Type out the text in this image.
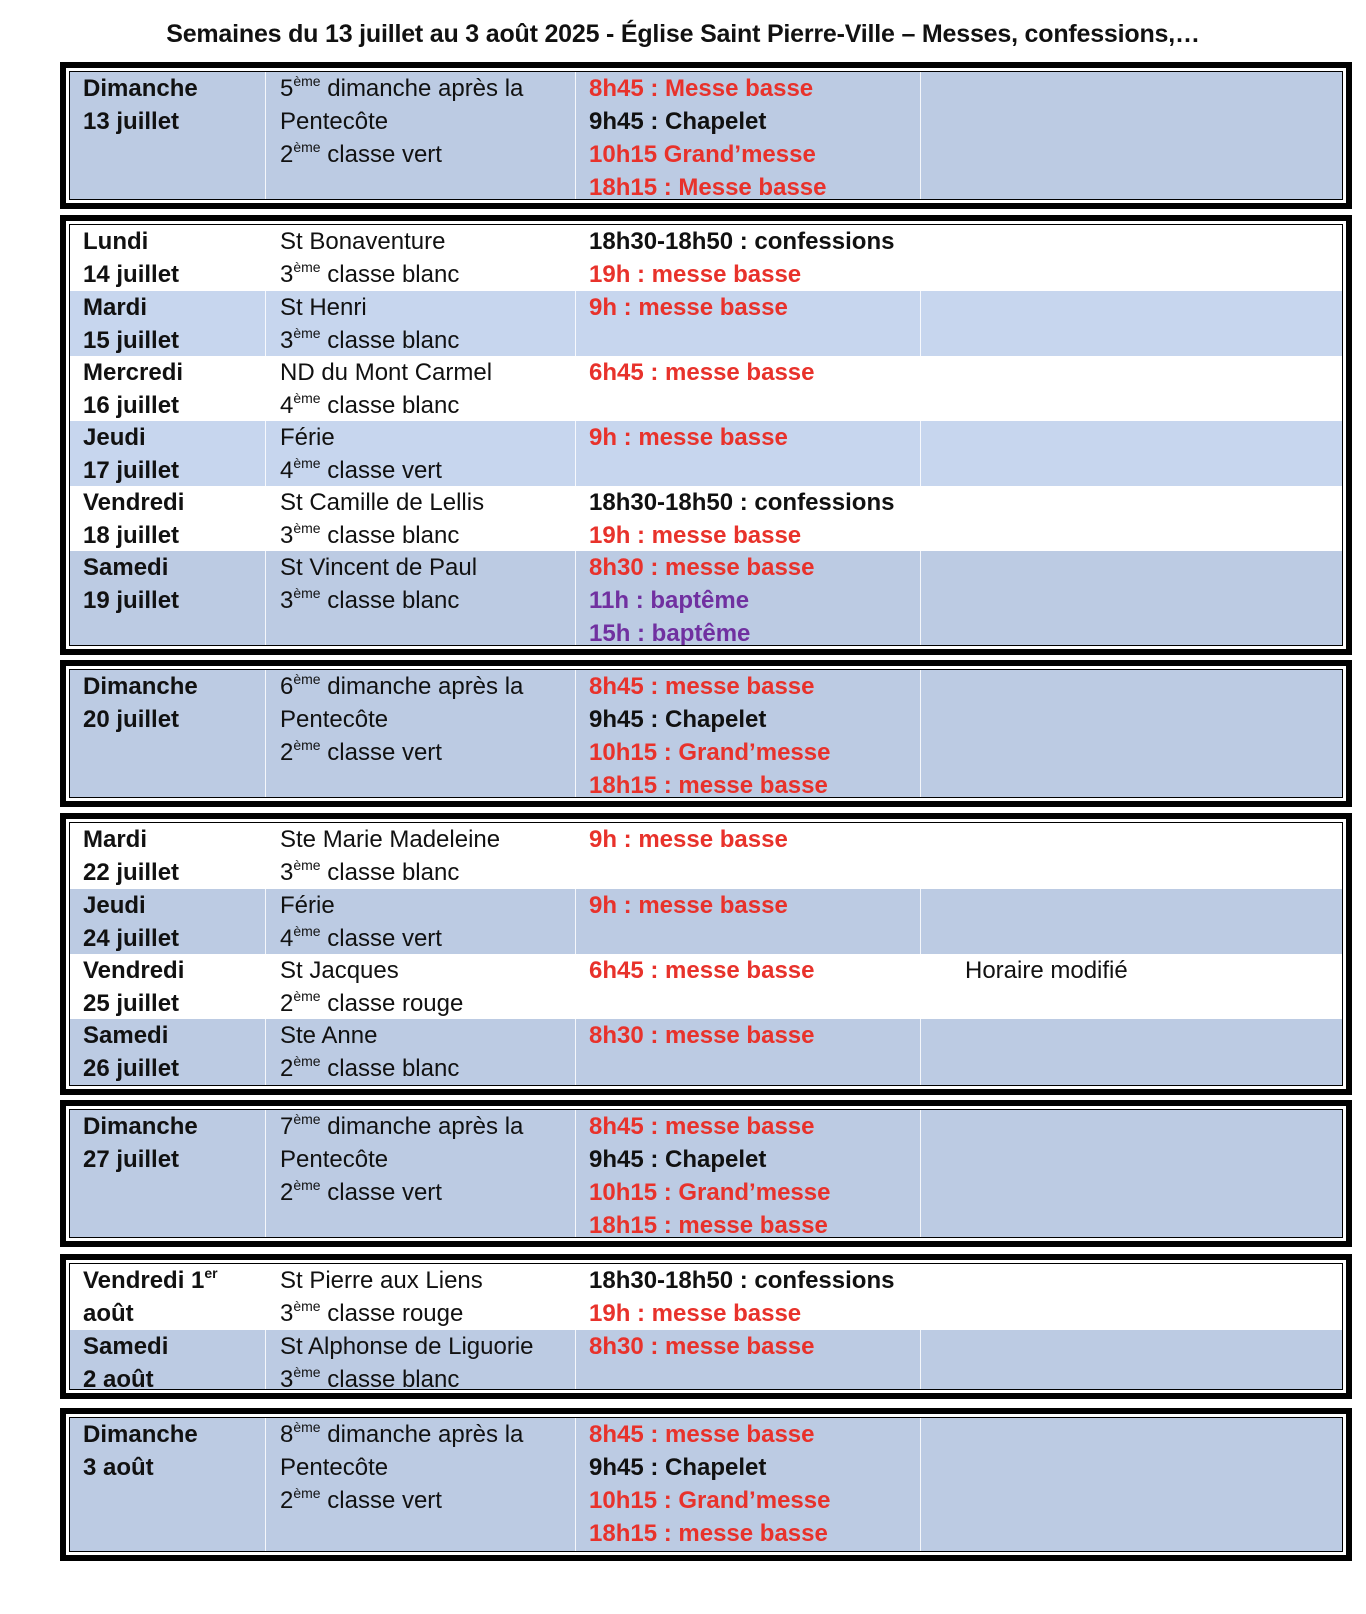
Semaines du 13 juillet au 3 août 2025 - Église Saint Pierre-Ville – Messes, confessions,…
Dimanche
13 juillet
5ème dimanche après la
Pentecôte
2ème classe vert
8h45 : Messe basse
9h45 : Chapelet
10h15 Grand’messe
18h15 : Messe basse
Lundi
14 juillet
St Bonaventure
3ème classe blanc
18h30-18h50 : confessions
19h : messe basse
Mardi
15 juillet
St Henri
3ème classe blanc
9h : messe basse
Mercredi
16 juillet
ND du Mont Carmel
4ème classe blanc
6h45 : messe basse
Jeudi
17 juillet
Férie
4ème classe vert
9h : messe basse
Vendredi
18 juillet
St Camille de Lellis
3ème classe blanc
18h30-18h50 : confessions
19h : messe basse
Samedi
19 juillet
St Vincent de Paul
3ème classe blanc
8h30 : messe basse
11h : baptême
15h : baptême
Dimanche
20 juillet
6ème dimanche après la
Pentecôte
2ème classe vert
8h45 : messe basse
9h45 : Chapelet
10h15 : Grand’messe
18h15 : messe basse
Mardi
22 juillet
Ste Marie Madeleine
3ème classe blanc
9h : messe basse
Jeudi
24 juillet
Férie
4ème classe vert
9h : messe basse
Vendredi
25 juillet
St Jacques
2ème classe rouge
6h45 : messe basse	Horaire modifié
Samedi
26 juillet
Ste Anne
2ème classe blanc
8h30 : messe basse
Dimanche
27 juillet
7ème dimanche après la
Pentecôte
2ème classe vert
8h45 : messe basse
9h45 : Chapelet
10h15 : Grand’messe
18h15 : messe basse
Vendredi 1er
août
St Pierre aux Liens
3ème classe rouge
18h30-18h50 : confessions
19h : messe basse
Samedi
2 août
St Alphonse de Liguorie
3ème classe blanc
8h30 : messe basse
Dimanche
3 août
8ème dimanche après la
Pentecôte
2ème classe vert
8h45 : messe basse
9h45 : Chapelet
10h15 : Grand’messe
18h15 : messe basse
